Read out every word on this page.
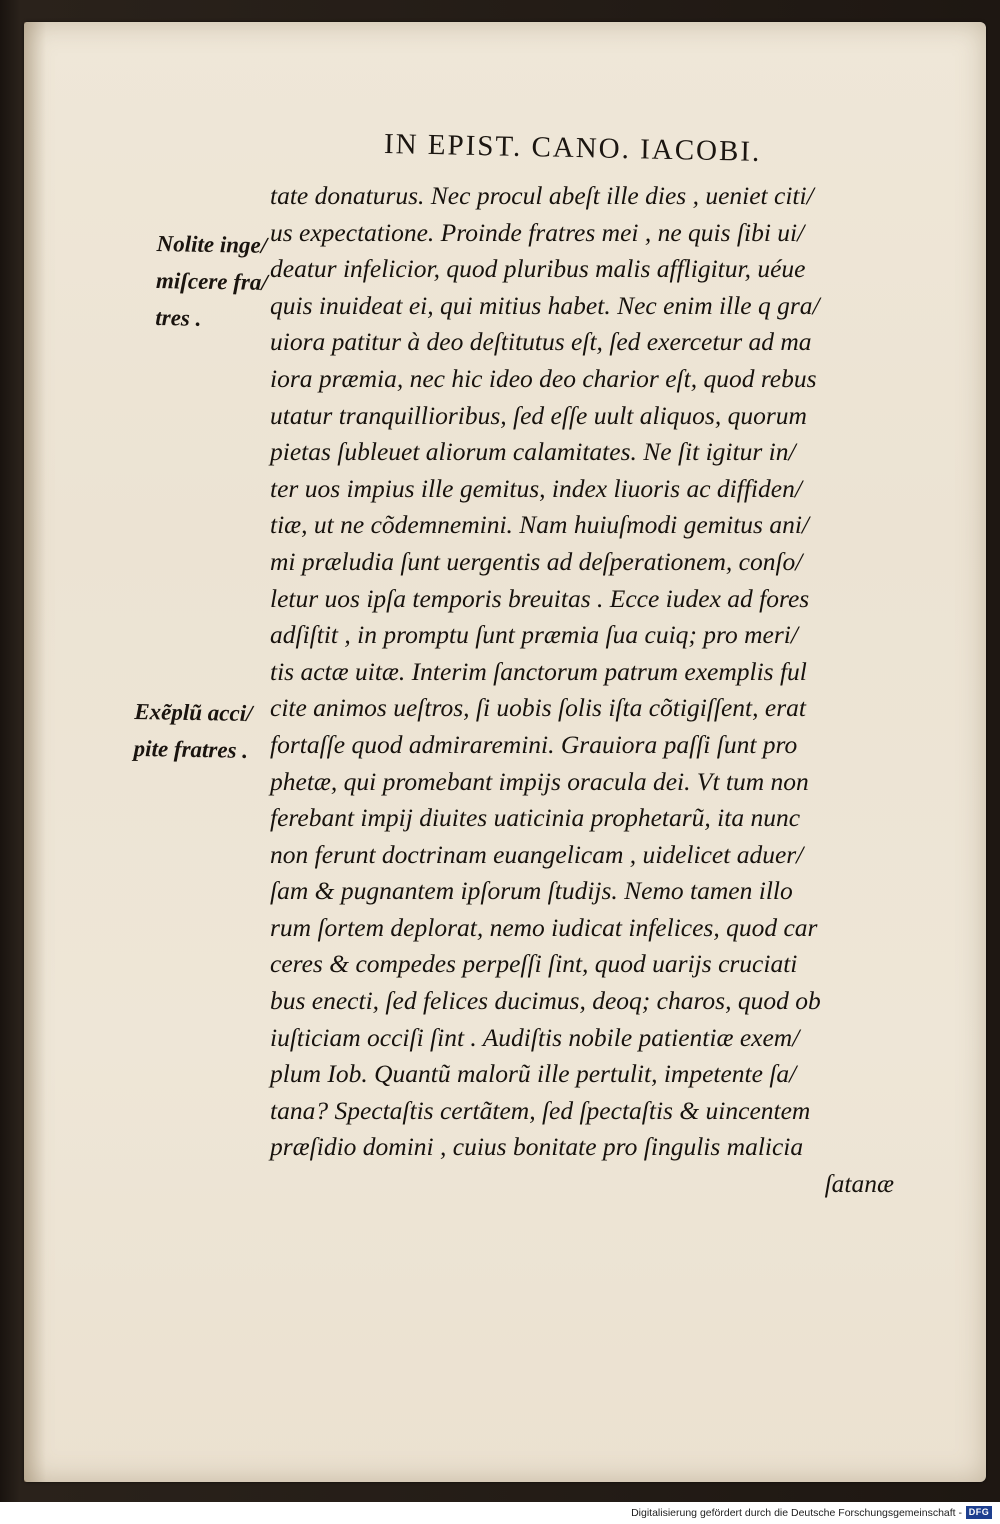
IN EPIST. CANO. IACOBI.
Nolite inge/
miſcere fra/
tres .
Exẽplũ acci/
pite fratres .
tate donaturus. Nec procul abeſt ille dies , ueniet citi/
us expectatione. Proinde fratres mei , ne quis ſibi ui/
deatur infelicior, quod pluribus malis affligitur, uéue
quis inuideat ei, qui mitius habet. Nec enim ille q gra/
uiora patitur à deo deſtitutus eſt, ſed exercetur ad ma
iora præmia, nec hic ideo deo charior eſt, quod rebus
utatur tranquillioribus, ſed eſſe uult aliquos, quorum
pietas ſubleuet aliorum calamitates. Ne ſit igitur in/
ter uos impius ille gemitus, index liuoris ac diffiden/
tiæ, ut ne cõdemnemini. Nam huiuſmodi gemitus ani/
mi præludia ſunt uergentis ad deſperationem, conſo/
letur uos ipſa temporis breuitas . Ecce iudex ad fores
adſiſtit , in promptu ſunt præmia ſua cuiq; pro meri/
tis actæ uitæ. Interim ſanctorum patrum exemplis ful
cite animos ueſtros, ſi uobis ſolis iſta cõtigiſſent, erat
fortaſſe quod admiraremini. Grauiora paſſi ſunt pro
phetæ, qui promebant impijs oracula dei. Vt tum non
ferebant impij diuites uaticinia prophetarũ, ita nunc
non ferunt doctrinam euangelicam , uidelicet aduer/
ſam & pugnantem ipſorum ſtudijs. Nemo tamen illo
rum ſortem deplorat, nemo iudicat infelices, quod car
ceres & compedes perpeſſi ſint, quod uarijs cruciati
bus enecti, ſed felices ducimus, deoq; charos, quod ob
iuſticiam occiſi ſint . Audiſtis nobile patientiæ exem/
plum Iob. Quantũ malorũ ille pertulit, impetente ſa/
tana? Spectaſtis certãtem, ſed ſpectaſtis & uincentem
præſidio domini , cuius bonitate pro ſingulis malicia
ſatanæ
Digitalisierung gefördert durch die Deutsche Forschungsgemeinschaft - DFG
